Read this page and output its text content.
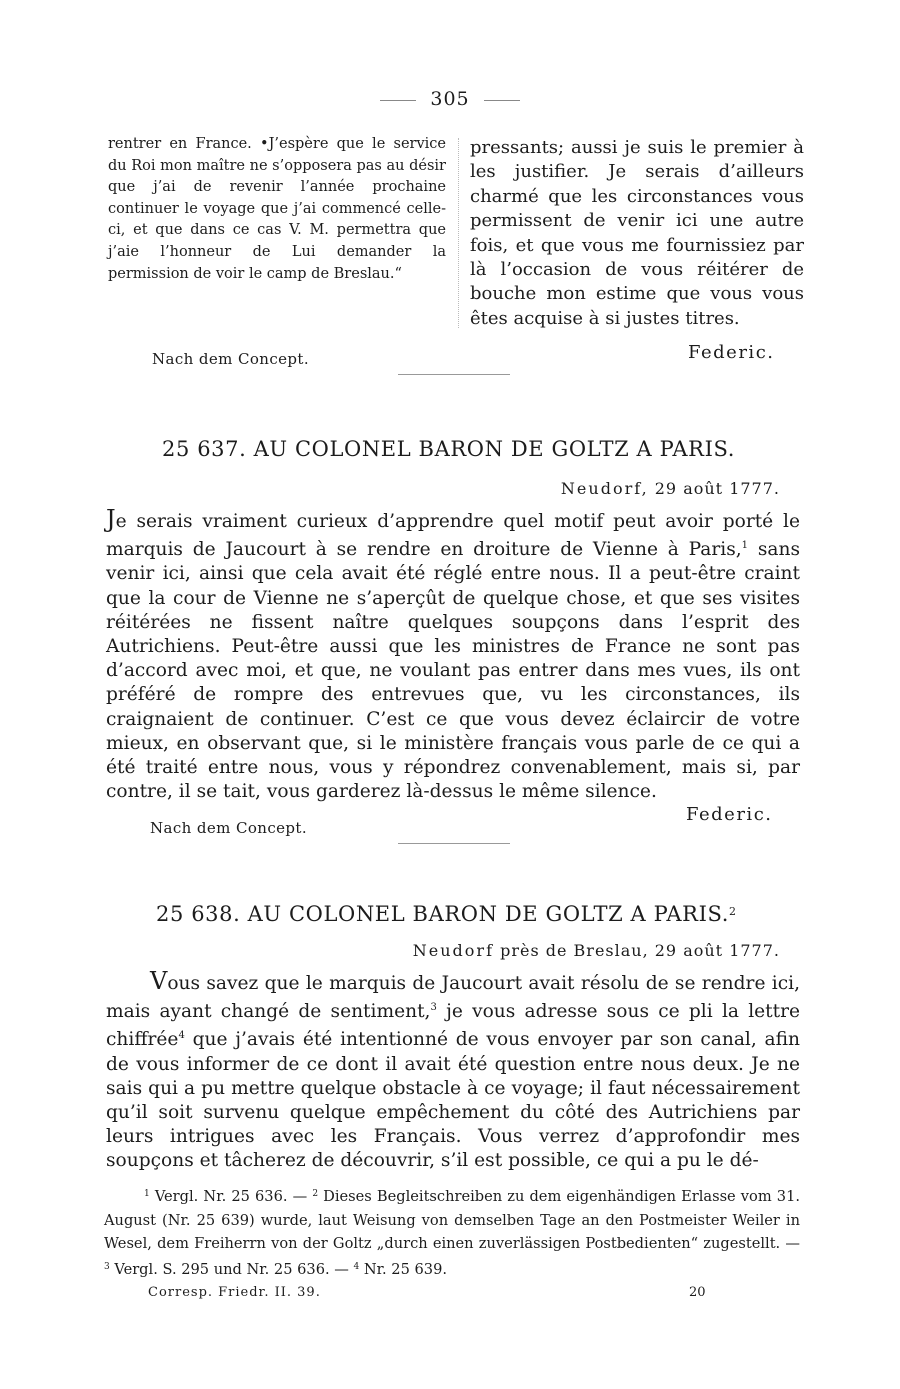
305
rentrer en France. •J’espère que le service du Roi mon maître ne s’opposera pas au désir que j’ai de revenir l’année prochaine continuer le voyage que j’ai commencé celle-ci, et que dans ce cas V. M. permettra que j’aie l’honneur de Lui demander la permission de voir le camp de Breslau.“
pressants; aussi je suis le premier à les justifier. Je serais d’ailleurs charmé que les circonstances vous permissent de venir ici une autre fois, et que vous me fournissiez par là l’occasion de vous réitérer de bouche mon estime que vous vous êtes acquise à si justes titres.
Nach dem Concept.	Federic.
25 637. AU COLONEL BARON DE GOLTZ A PARIS.
Neudorf, 29 août 1777.
Je serais vraiment curieux d’apprendre quel motif peut avoir porté le marquis de Jaucourt à se rendre en droiture de Vienne à Paris,$^1$ sans venir ici, ainsi que cela avait été réglé entre nous. Il a peut-être craint que la cour de Vienne ne s’aperçût de quelque chose, et que ses visites réitérées ne fissent naître quelques soupçons dans l’esprit des Autrichiens. Peut-être aussi que les ministres de France ne sont pas d’accord avec moi, et que, ne voulant pas entrer dans mes vues, ils ont préféré de rompre des entrevues que, vu les circonstances, ils craignaient de continuer. C’est ce que vous devez éclaircir de votre mieux, en observant que, si le ministère français vous parle de ce qui a été traité entre nous, vous y répondrez convenablement, mais si, par contre, il se tait, vous garderez là-dessus le même silence.
Nach dem Concept.
Federic.
25 638. AU COLONEL BARON DE GOLTZ A PARIS.$^2$
Neudorf près de Breslau, 29 août 1777.
Vous savez que le marquis de Jaucourt avait résolu de se rendre ici, mais ayant changé de sentiment,$^3$ je vous adresse sous ce pli la lettre chiffrée$^4$ que j’avais été intentionné de vous envoyer par son canal, afin de vous informer de ce dont il avait été question entre nous deux. Je ne sais qui a pu mettre quelque obstacle à ce voyage; il faut nécessairement qu’il soit survenu quelque empêchement du côté des Autrichiens par leurs intrigues avec les Français. Vous verrez d’approfondir mes soupçons et tâcherez de découvrir, s’il est possible, ce qui a pu le dé-

$^1$ Vergl. Nr. 25 636. — $^2$ Dieses Begleitschreiben zu dem eigenhändigen Erlasse vom 31. August (Nr. 25 639) wurde, laut Weisung von demselben Tage an den Postmeister Weiler in Wesel, dem Freiherrn von der Goltz „durch einen zuverlässigen Postbedienten“ zugestellt. — $^3$ Vergl. S. 295 und Nr. 25 636. — $^4$ Nr. 25 639.

Corresp. Friedr. II. 39.	20
